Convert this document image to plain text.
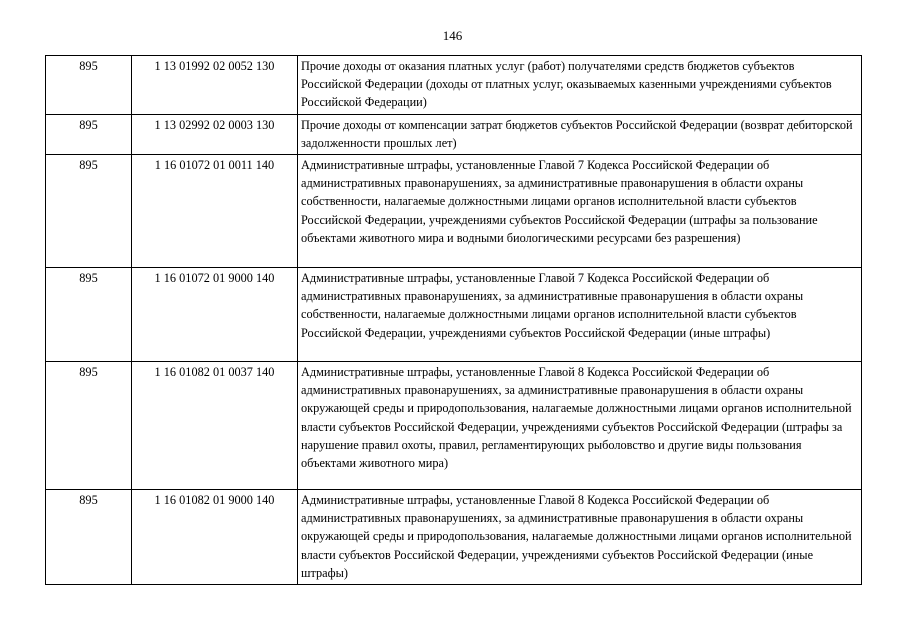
146
895	1 13 01992 02 0052 130	Прочие доходы от оказания платных услуг (работ) получателями средств бюджетов субъектов Российской Федерации (доходы от платных услуг, оказываемых казенными учреждениями субъектов Российской Федерации)
895	1 13 02992 02 0003 130	Прочие доходы от компенсации затрат бюджетов субъектов Российской Федерации (возврат дебиторской задолженности прошлых лет)
895	1 16 01072 01 0011 140	Административные штрафы, установленные Главой 7 Кодекса Российской Федерации об административных правонарушениях, за административные правонарушения в области охраны собственности, налагаемые должностными лицами органов исполнительной власти субъектов Российской Федерации, учреждениями субъектов Российской Федерации (штрафы за пользование объектами животного мира и водными биологическими ресурсами без разрешения)
895	1 16 01072 01 9000 140	Административные штрафы, установленные Главой 7 Кодекса Российской Федерации об административных правонарушениях, за административные правонарушения в области охраны собственности, налагаемые должностными лицами органов исполнительной власти субъектов Российской Федерации, учреждениями субъектов Российской Федерации (иные штрафы)
895	1 16 01082 01 0037 140	Административные штрафы, установленные Главой 8 Кодекса Российской Федерации об административных правонарушениях, за административные правонарушения в области охраны окружающей среды и природопользования, налагаемые должностными лицами органов исполнительной власти субъектов Российской Федерации, учреждениями субъектов Российской Федерации (штрафы за нарушение правил охоты, правил, регламентирующих рыболовство и другие виды пользования объектами животного мира)
895	1 16 01082 01 9000 140	Административные штрафы, установленные Главой 8 Кодекса Российской Федерации об административных правонарушениях, за административные правонарушения в области охраны окружающей среды и природопользования, налагаемые должностными лицами органов исполнительной власти субъектов Российской Федерации, учреждениями субъектов Российской Федерации (иные штрафы)
